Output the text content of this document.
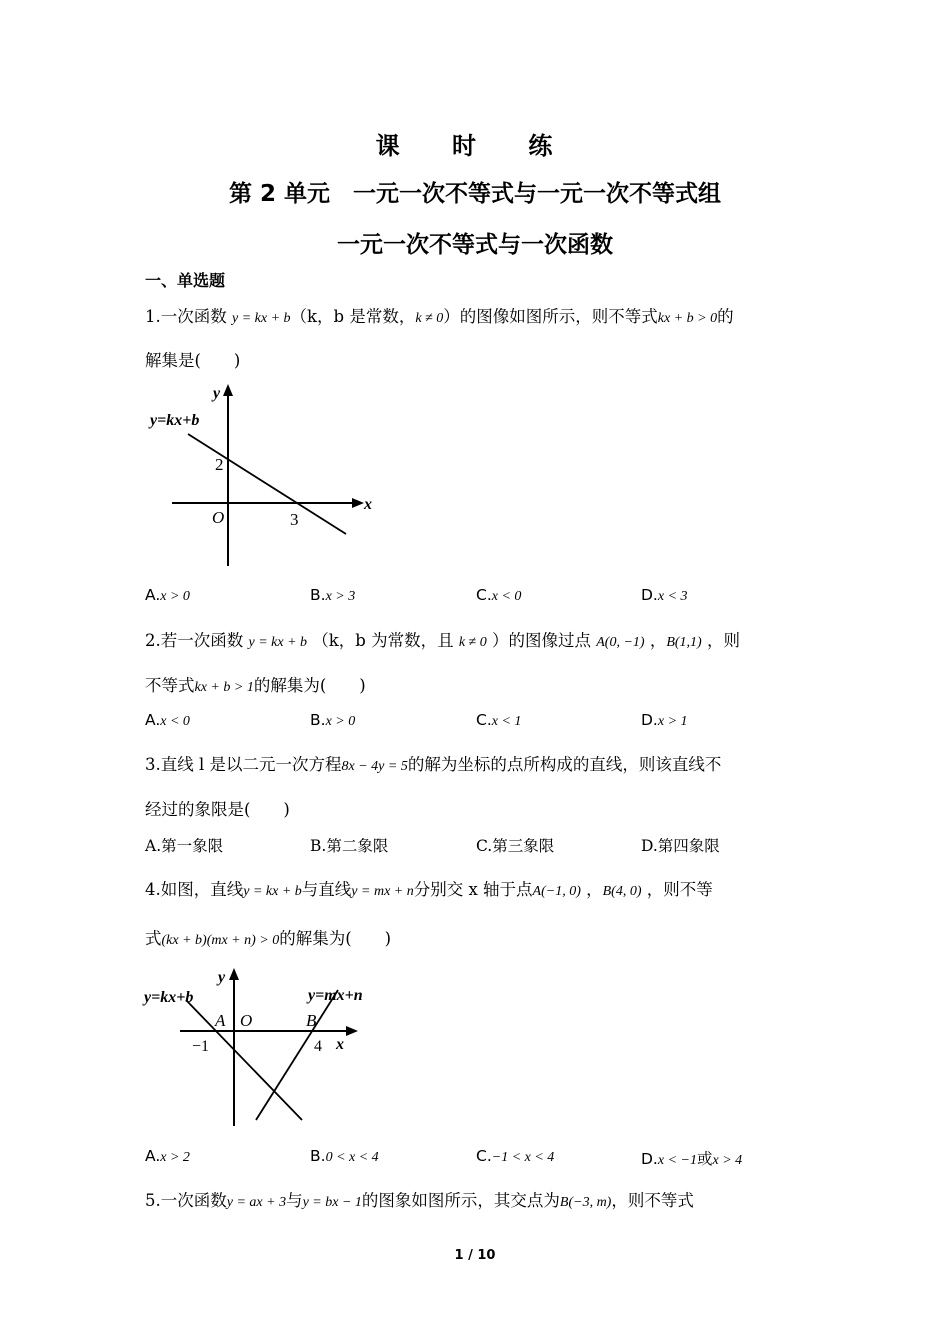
课 时 练
第 2 单元　一元一次不等式与一元一次不等式组
一元一次不等式与一次函数
一、单选题
1.一次函数 y = kx + b（k，b 是常数，k ≠ 0）的图像如图所示，则不等式kx + b > 0的
解集是(　　)
y=kx+b
y
x
O
2
3
A.x > 0	B.x > 3	C.x < 0	D.x < 3
2.若一次函数 y = kx + b （k，b 为常数，且 k ≠ 0 ）的图像过点 A(0, −1) ，B(1,1) ，则
不等式kx + b > 1的解集为(　　)
A.x < 0	B.x > 0	C.x < 1	D.x > 1
3.直线 l 是以二元一次方程8x − 4y = 5的解为坐标的点所构成的直线，则该直线不
经过的象限是(　　)
A.第一象限	B.第二象限	C.第三象限	D.第四象限
4.如图，直线y = kx + b与直线y = mx + n分别交 x 轴于点A(−1, 0) ，B(4, 0) ，则不等
式(kx + b)(mx + n) > 0的解集为(　　)
y=kx+b	y=mx+n
y
x
O
A	B
−1	4
A.x > 2	B.0 < x < 4	C.−1 < x < 4	D.x < −1或x > 4
5.一次函数y = ax + 3与y = bx − 1的图象如图所示，其交点为B(−3, m)，则不等式
1 / 10
